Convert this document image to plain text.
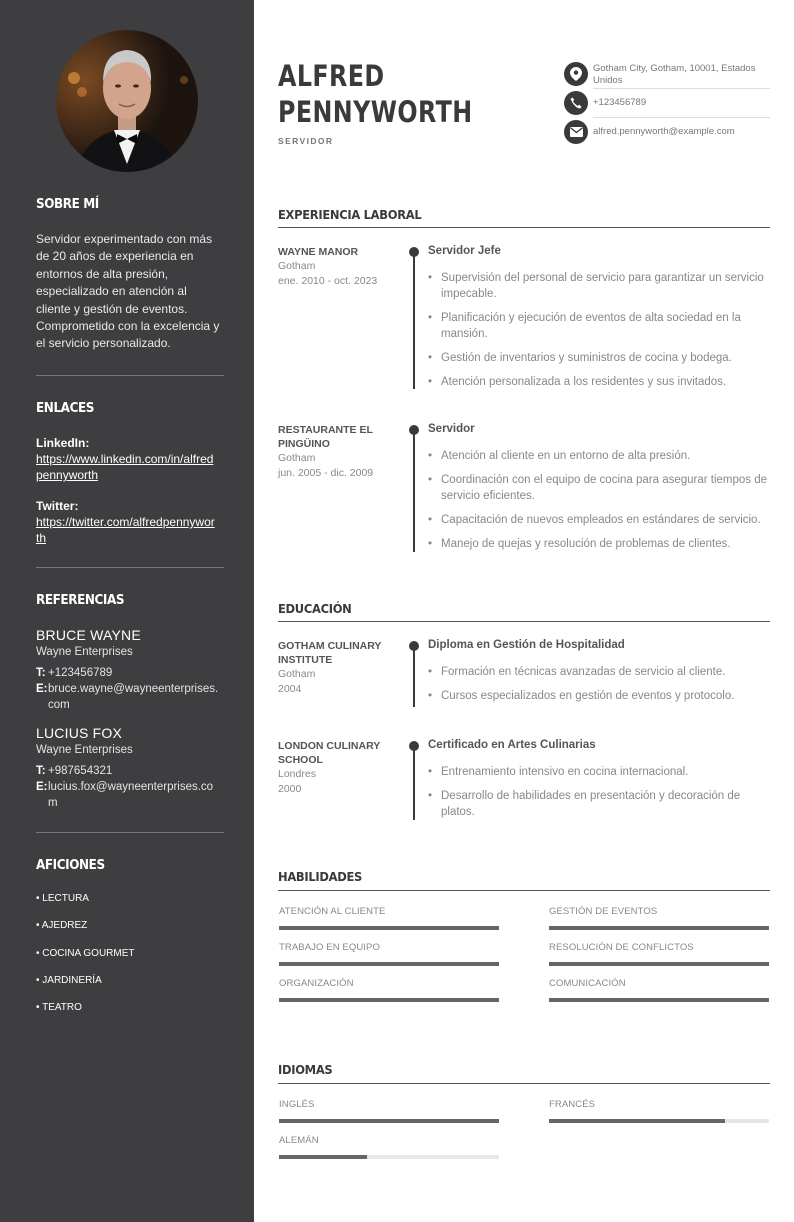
SOBRE MÍ
Servidor experimentado con más de 20 años de experiencia en entornos de alta presión, especializado en atención al cliente y gestión de eventos. Comprometido con la excelencia y el servicio personalizado.
ENLACES
LinkedIn:
https://www.linkedin.com/in/alfredpennyworth
Twitter:
https://twitter.com/alfredpennyworth
REFERENCIAS
BRUCE WAYNE
Wayne Enterprises
T: +123456789
E: bruce.wayne@wayneenterprises.com
LUCIUS FOX
Wayne Enterprises
T: +987654321
E: lucius.fox@wayneenterprises.com
AFICIONES
• LECTURA
• AJEDREZ
• COCINA GOURMET
• JARDINERÍA
• TEATRO
ALFRED
PENNYWORTH
SERVIDOR
Gotham City, Gotham, 10001, Estados Unidos
+123456789
alfred.pennyworth@example.com
EXPERIENCIA LABORAL
WAYNE MANOR
Gotham
ene. 2010 - oct. 2023
Servidor Jefe
• Supervisión del personal de servicio para garantizar un servicio impecable.
• Planificación y ejecución de eventos de alta sociedad en la mansión.
• Gestión de inventarios y suministros de cocina y bodega.
• Atención personalizada a los residentes y sus invitados.
RESTAURANTE EL PINGÜINO
Gotham
jun. 2005 - dic. 2009
Servidor
• Atención al cliente en un entorno de alta presión.
• Coordinación con el equipo de cocina para asegurar tiempos de servicio eficientes.
• Capacitación de nuevos empleados en estándares de servicio.
• Manejo de quejas y resolución de problemas de clientes.
EDUCACIÓN
GOTHAM CULINARY INSTITUTE
Gotham
2004
Diploma en Gestión de Hospitalidad
• Formación en técnicas avanzadas de servicio al cliente.
• Cursos especializados en gestión de eventos y protocolo.
LONDON CULINARY SCHOOL
Londres
2000
Certificado en Artes Culinarias
• Entrenamiento intensivo en cocina internacional.
• Desarrollo de habilidades en presentación y decoración de platos.
HABILIDADES
ATENCIÓN AL CLIENTE	GESTIÓN DE EVENTOS
TRABAJO EN EQUIPO	RESOLUCIÓN DE CONFLICTOS
ORGANIZACIÓN	COMUNICACIÓN
IDIOMAS
INGLÉS	FRANCÉS
ALEMÁN
